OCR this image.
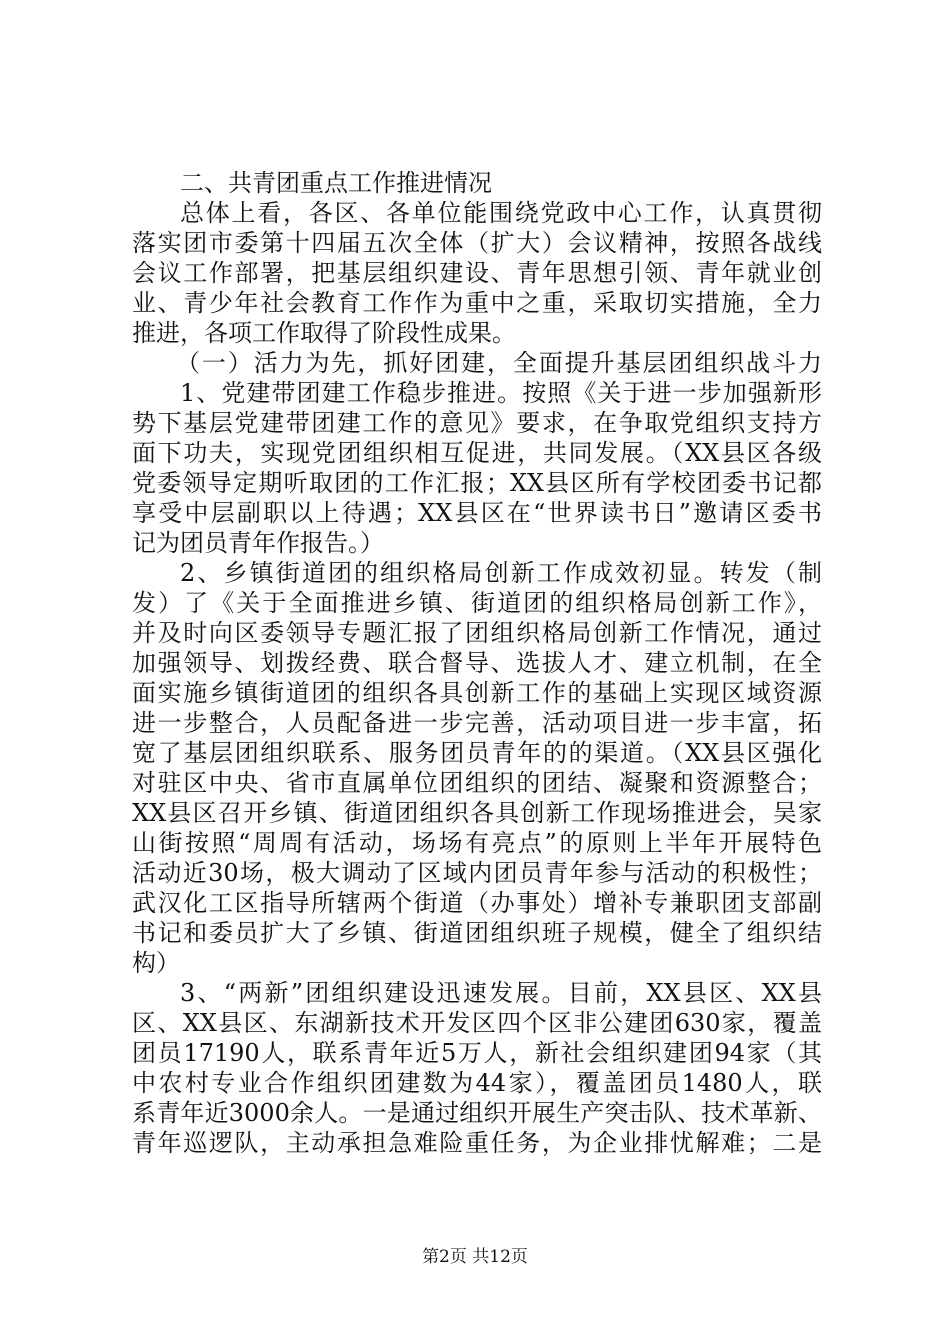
二、共青团重点工作推进情况
总体上看，各区、各单位能围绕党政中心工作，认真贯彻
落实团市委第十四届五次全体（扩大）会议精神，按照各战线
会议工作部署，把基层组织建设、青年思想引领、青年就业创
业、青少年社会教育工作作为重中之重，采取切实措施，全力
推进，各项工作取得了阶段性成果。
（一）活力为先，抓好团建，全面提升基层团组织战斗力
1、党建带团建工作稳步推进。按照《关于进一步加强新形
势下基层党建带团建工作的意见》要求，在争取党组织支持方
面下功夫，实现党团组织相互促进，共同发展。（XX县区各级
党委领导定期听取团的工作汇报；XX县区所有学校团委书记都
享受中层副职以上待遇；XX县区在“世界读书日”邀请区委书
记为团员青年作报告。）
2、乡镇街道团的组织格局创新工作成效初显。转发（制
发）了《关于全面推进乡镇、街道团的组织格局创新工作》，
并及时向区委领导专题汇报了团组织格局创新工作情况，通过
加强领导、划拨经费、联合督导、选拔人才、建立机制，在全
面实施乡镇街道团的组织各具创新工作的基础上实现区域资源
进一步整合，人员配备进一步完善，活动项目进一步丰富，拓
宽了基层团组织联系、服务团员青年的的渠道。（XX县区强化
对驻区中央、省市直属单位团组织的团结、凝聚和资源整合；
XX县区召开乡镇、街道团组织各具创新工作现场推进会，吴家
山街按照“周周有活动，场场有亮点”的原则上半年开展特色
活动近30场，极大调动了区域内团员青年参与活动的积极性；
武汉化工区指导所辖两个街道（办事处）增补专兼职团支部副
书记和委员扩大了乡镇、街道团组织班子规模，健全了组织结
构）
3、“两新”团组织建设迅速发展。目前，XX县区、XX县
区、XX县区、东湖新技术开发区四个区非公建团630家，覆盖
团员17190人，联系青年近5万人，新社会组织建团94家（其
中农村专业合作组织团建数为44家），覆盖团员1480人，联
系青年近3000余人。一是通过组织开展生产突击队、技术革新、
青年巡逻队，主动承担急难险重任务，为企业排忧解难；二是
第2页 共12页
